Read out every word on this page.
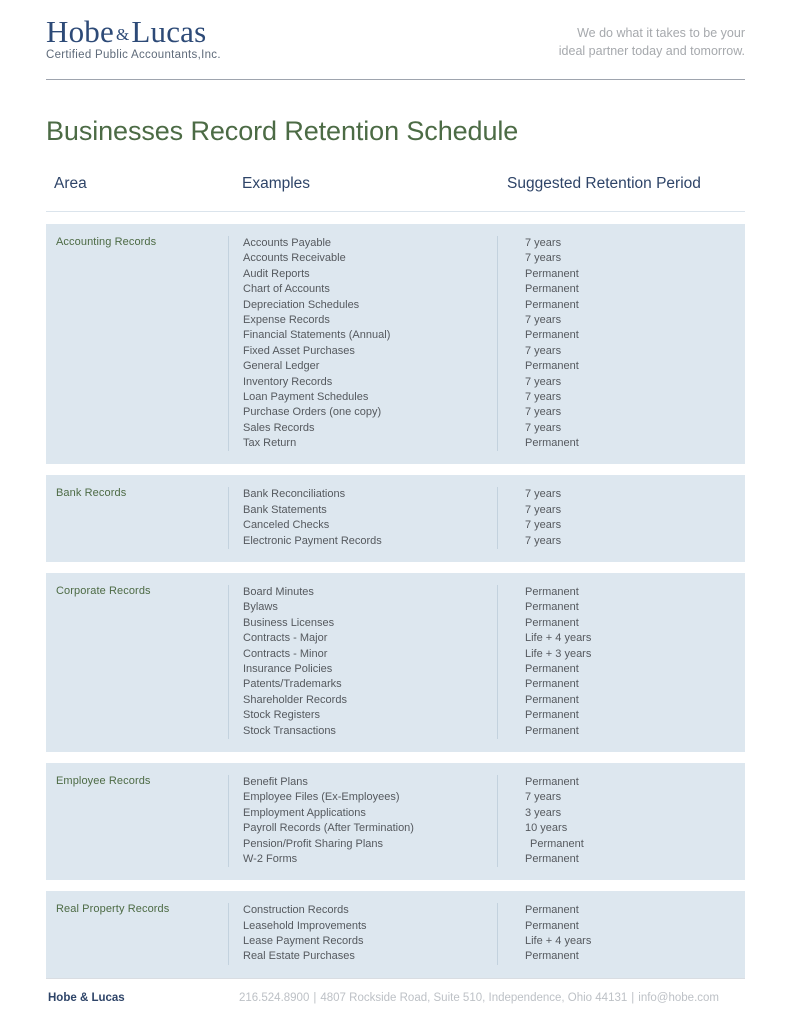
Hobe &Lucas
Certified Public Accountants,Inc.
We do what it takes to be your
ideal partner today and tomorrow.
Businesses Record Retention Schedule
Area	Examples	Suggested Retention Period
Accounting Records	Accounts Payable	7 years
Accounts Receivable	7 years
Audit Reports	Permanent
Chart of Accounts	Permanent
Depreciation Schedules	Permanent
Expense Records	7 years
Financial Statements (Annual)	Permanent
Fixed Asset Purchases	7 years
General Ledger	Permanent
Inventory Records	7 years
Loan Payment Schedules	7 years
Purchase Orders (one copy)	7 years
Sales Records	7 years
Tax Return	Permanent
Bank Records	Bank Reconciliations	7 years
Bank Statements	7 years
Canceled Checks	7 years
Electronic Payment Records	7 years
Corporate Records	Board Minutes	Permanent
Bylaws	Permanent
Business Licenses	Permanent
Contracts - Major	Life + 4 years
Contracts - Minor	Life + 3 years
Insurance Policies	Permanent
Patents/Trademarks	Permanent
Shareholder Records	Permanent
Stock Registers	Permanent
Stock Transactions	Permanent
Employee Records	Benefit Plans	Permanent
Employee Files (Ex-Employees)	7 years
Employment Applications	3 years
Payroll Records (After Termination)	10 years
Pension/Profit Sharing Plans	Permanent
W-2 Forms	Permanent
Real Property Records	Construction Records	Permanent
Leasehold Improvements	Permanent
Lease Payment Records	Life + 4 years
Real Estate Purchases	Permanent
Hobe & Lucas	216.524.8900 | 4807 Rockside Road, Suite 510, Independence, Ohio 44131 | info@hobe.com
